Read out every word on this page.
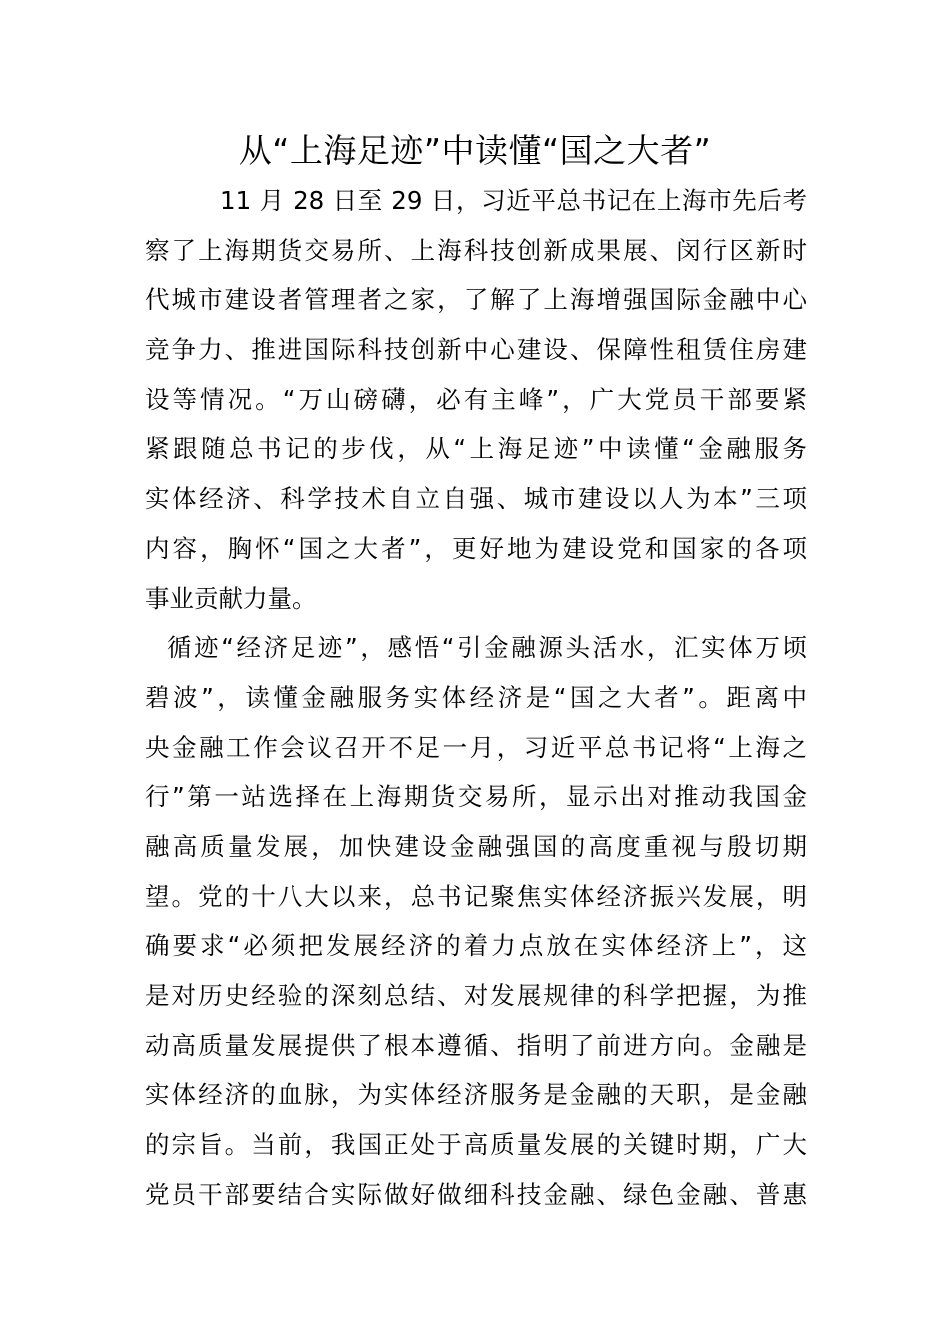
从“上海足迹”中读懂“国之大者”
11 月 28 日至 29 日，习近平总书记在上海市先后考
察了上海期货交易所、上海科技创新成果展、闵行区新时
代城市建设者管理者之家，了解了上海增强国际金融中心
竞争力、推进国际科技创新中心建设、保障性租赁住房建
设等情况。“万山磅礴，必有主峰”，广大党员干部要紧
紧跟随总书记的步伐，从“上海足迹”中读懂“金融服务
实体经济、科学技术自立自强、城市建设以人为本”三项
内容，胸怀“国之大者”，更好地为建设党和国家的各项
事业贡献力量。
循迹“经济足迹”，感悟“引金融源头活水，汇实体万顷
碧波”，读懂金融服务实体经济是“国之大者”。距离中
央金融工作会议召开不足一月，习近平总书记将“上海之
行”第一站选择在上海期货交易所，显示出对推动我国金
融高质量发展，加快建设金融强国的高度重视与殷切期
望。党的十八大以来，总书记聚焦实体经济振兴发展，明
确要求“必须把发展经济的着力点放在实体经济上”，这
是对历史经验的深刻总结、对发展规律的科学把握，为推
动高质量发展提供了根本遵循、指明了前进方向。金融是
实体经济的血脉，为实体经济服务是金融的天职，是金融
的宗旨。当前，我国正处于高质量发展的关键时期，广大
党员干部要结合实际做好做细科技金融、绿色金融、普惠
